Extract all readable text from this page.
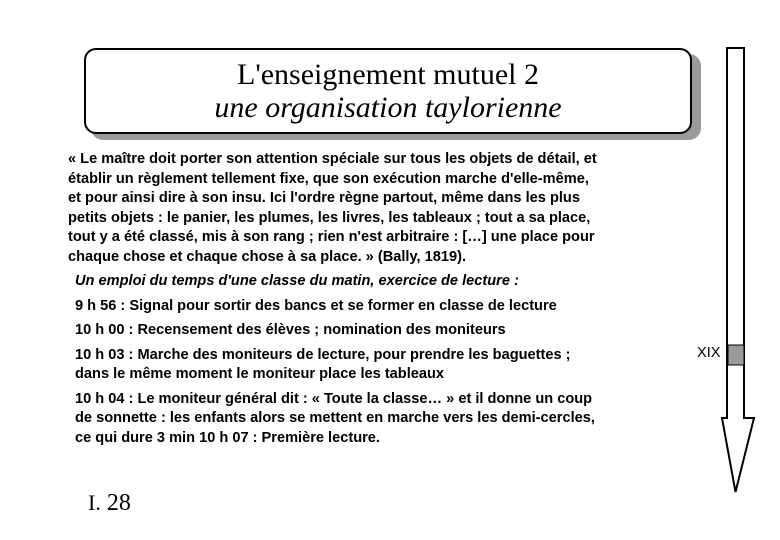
L'enseignement mutuel 2
une organisation taylorienne
« Le maître doit porter son attention spéciale sur tous les objets de détail, et
établir un règlement tellement fixe, que son exécution marche d'elle-même,
et pour ainsi dire à son insu. Ici l'ordre règne partout, même dans les plus
petits objets : le panier, les plumes, les livres, les tableaux ; tout a sa place,
tout y a été classé, mis à son rang ; rien n'est arbitraire : […] une place pour
chaque chose et chaque chose à sa place. » (Bally, 1819).
Un emploi du temps d'une classe du matin, exercice de lecture :
9 h 56 : Signal pour sortir des bancs et se former en classe de lecture
10 h 00 : Recensement des élèves ; nomination des moniteurs
10 h 03 : Marche des moniteurs de lecture, pour prendre les baguettes ;
dans le même moment le moniteur place les tableaux
10 h 04 : Le moniteur général dit : « Toute la classe… » et il donne un coup
de sonnette : les enfants alors se mettent en marche vers les demi-cercles,
ce qui dure 3 min 10 h 07 : Première lecture.
XIX
I. 28
